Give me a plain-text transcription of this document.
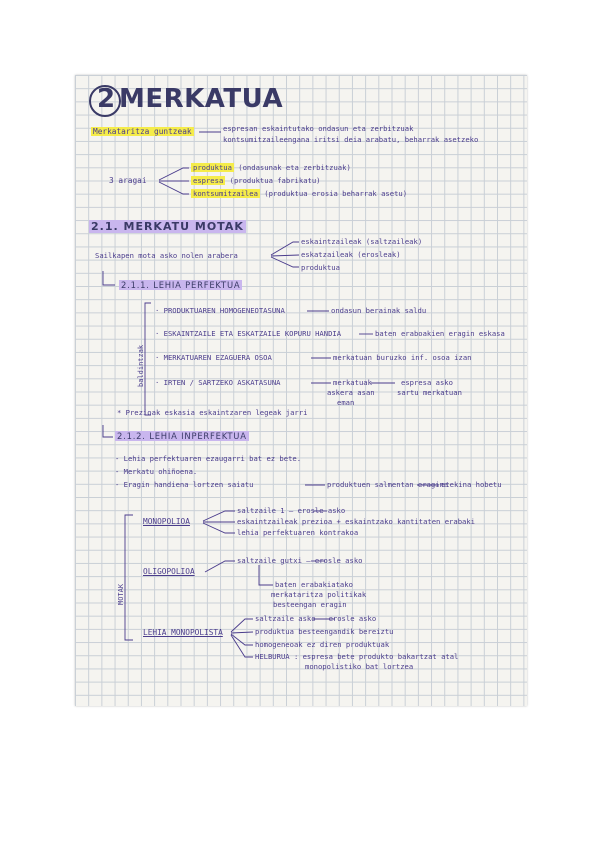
2 MERKATUA
Merkataritza guntzeak	espresan eskaintutako ondasun eta zerbitzuak
kontsumitzaileengana iritsi deia arabatu, beharrak asetzeko
3 aragai
produktua (ondasunak eta zerbitzuak)
espresa (produktua fabrikatu)
kontsumitzailea (produktua erosia beharrak asetu)
2.1. MERKATU MOTAK
Sailkapen mota asko nolen arabera
eskaintzaileak (saltzaileak)
eskatzaileak (erosleak)
produktua
2.1.1. LEHIA PERFEKTUA
baldintzak
· PRODUKTUAREN HOMOGENEOTASUNA	ondasun berainak saldu
· ESKAINTZAILE ETA ESKATZAILE KOPURU HANDIA	baten eraboakien eragin eskasa
· MERKATUAREN EZAGUERA OSOA	merkatuan buruzko inf. osoa izan
· IRTEN / SARTZEKO ASKATASUNA	merkatuak
askera asan
eman
espresa asko
sartu merkatuan
* Prezioak eskasia eskaintzaren legeak jarri
2.1.2. LEHIA INPERFEKTUA
- Lehia perfektuaren ezaugarri bat ez bete.
- Merkatu ohiñoena.
- Eragin handiena lortzen saiatu	produktuen salmentan eragina
etekina hobetu
MOTAK
MONOPOLIOA
saltzaile 1 — erosle asko
eskaintzaileak prezioa + eskaintzako kantitaten erabaki
lehia perfektuaren kontrakoa
OLIGOPOLIOA
saltzaile gutxi — erosle asko
baten erabakiatako
merkataritza politikak
besteengan eragin
LEHIA MONOPOLISTA
saltzaile asko — erosle asko
produktua besteengandik bereiztu
homogeneoak ez diren produktuak
HELBURUA : espresa bete produkto bakartzat atal
monopolistiko bat lortzea
